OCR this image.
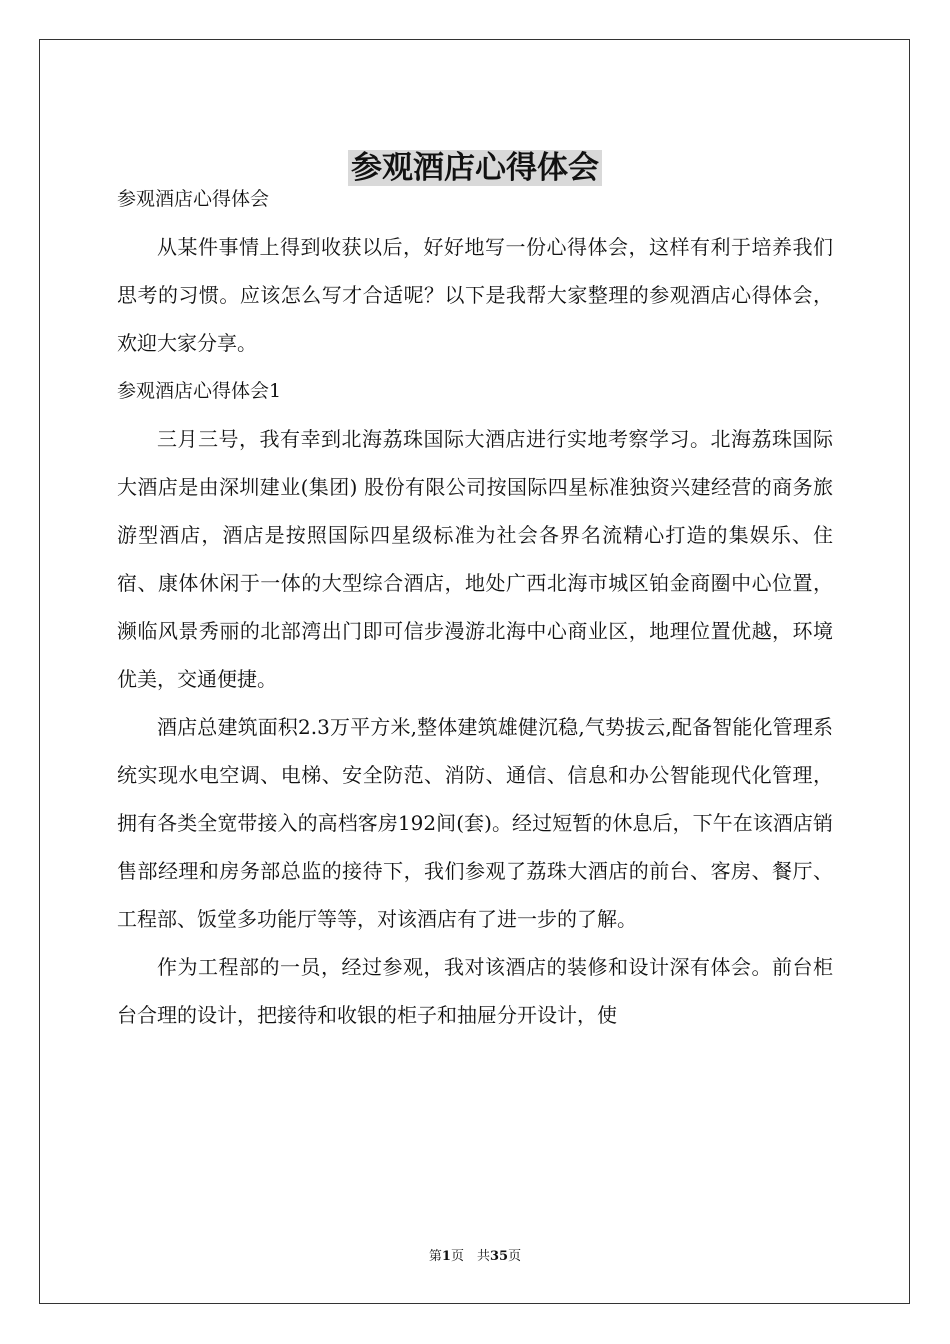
参观酒店心得体会

参观酒店心得体会

从某件事情上得到收获以后，好好地写一份心得体会，这样有利于培养我们思考的习惯。应该怎么写才合适呢？以下是我帮大家整理的参观酒店心得体会，欢迎大家分享。

参观酒店心得体会1

三月三号，我有幸到北海荔珠国际大酒店进行实地考察学习。北海荔珠国际大酒店是由深圳建业(集团) 股份有限公司按国际四星标准独资兴建经营的商务旅游型酒店，酒店是按照国际四星级标准为社会各界名流精心打造的集娱乐、住宿、康体休闲于一体的大型综合酒店，地处广西北海市城区铂金商圈中心位置，濒临风景秀丽的北部湾出门即可信步漫游北海中心商业区，地理位置优越，环境优美，交通便捷。

酒店总建筑面积2.3万平方米,整体建筑雄健沉稳,气势拔云,配备智能化管理系统实现水电空调、电梯、安全防范、消防、通信、信息和办公智能现代化管理，拥有各类全宽带接入的高档客房192间(套)。经过短暂的休息后，下午在该酒店销售部经理和房务部总监的接待下，我们参观了荔珠大酒店的前台、客房、餐厅、工程部、饭堂多功能厅等等，对该酒店有了进一步的了解。

作为工程部的一员，经过参观，我对该酒店的装修和设计深有体会。前台柜台合理的设计，把接待和收银的柜子和抽屉分开设计，使

第1页　共35页
